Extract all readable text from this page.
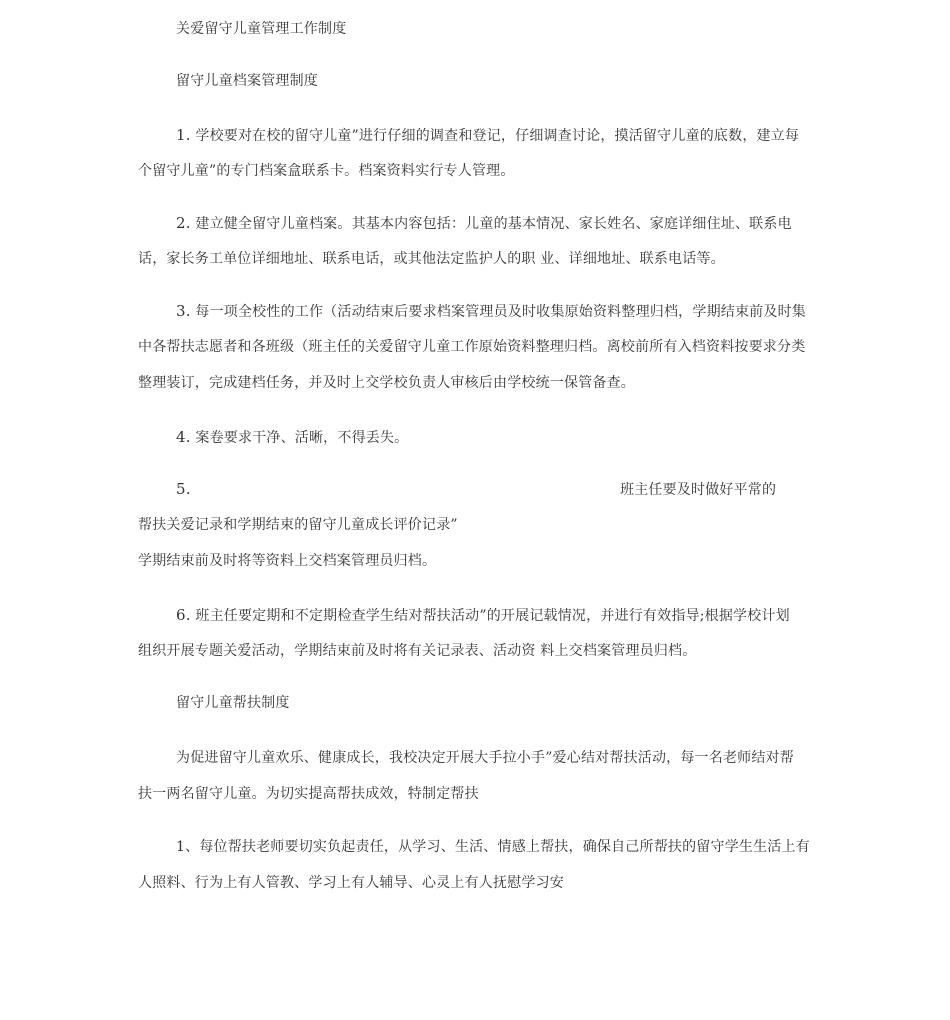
关爱留守儿童管理工作制度

留守儿童档案管理制度

1. 学校要对在校的留守儿童”进行仔细的调查和登记，仔细调查讨论，摸活留守儿童的底数，建立每

个留守儿童”的专门档案盒联系卡。档案资料实行专人管理。

2. 建立健全留守儿童档案。其基本内容包括：儿童的基本情况、家长姓名、家庭详细住址、联系电

话，家长务工单位详细地址、联系电话，或其他法定监护人的职 业、详细地址、联系电话等。

3. 每一项全校性的工作（活动结束后要求档案管理员及时收集原始资料整理归档，学期结束前及时集

中各帮扶志愿者和各班级（班主任的关爱留守儿童工作原始资料整理归档。离校前所有入档资料按要求分类

整理装订，完成建档任务，并及时上交学校负责人审核后由学校统一保管备查。

4. 案卷要求干净、活晰，不得丢失。

5.	班主任要及时做好平常的

帮扶关爱记录和学期结束的留守儿童成长评价记录”

学期结束前及时将等资料上交档案管理员归档。

6. 班主任要定期和不定期检查学生结对帮扶活动”的开展记载情况，并进行有效指导;根据学校计划

组织开展专题关爱活动，学期结束前及时将有关记录表、活动资 料上交档案管理员归档。

留守儿童帮扶制度

为促进留守儿童欢乐、健康成长，我校决定开展大手拉小手”爱心结对帮扶活动，每一名老师结对帮

扶一两名留守儿童。为切实提高帮扶成效，特制定帮扶

1、每位帮扶老师要切实负起责任，从学习、生活、情感上帮扶，确保自己所帮扶的留守学生生活上有

人照料、行为上有人管教、学习上有人辅导、心灵上有人抚慰学习安
